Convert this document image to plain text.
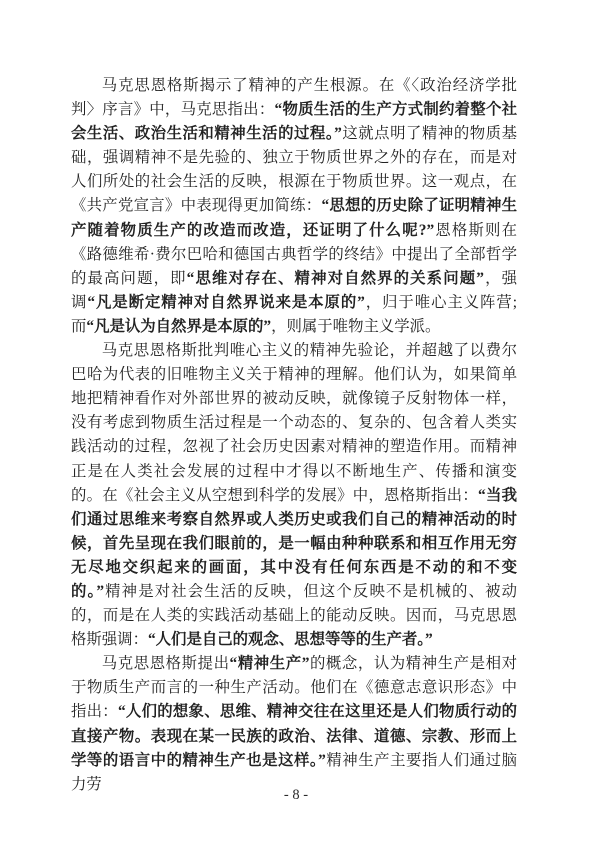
马克思恩格斯揭示了精神的产生根源。在《〈政治经济学批判〉序言》中，马克思指出：“物质生活的生产方式制约着整个社会生活、政治生活和精神生活的过程。”这就点明了精神的物质基础，强调精神不是先验的、独立于物质世界之外的存在，而是对人们所处的社会生活的反映，根源在于物质世界。这一观点，在《共产党宣言》中表现得更加简练：“思想的历史除了证明精神生产随着物质生产的改造而改造，还证明了什么呢?”恩格斯则在《路德维希·费尔巴哈和德国古典哲学的终结》中提出了全部哲学的最高问题，即“思维对存在、精神对自然界的关系问题”，强调“凡是断定精神对自然界说来是本原的”，归于唯心主义阵营;而“凡是认为自然界是本原的”，则属于唯物主义学派。

马克思恩格斯批判唯心主义的精神先验论，并超越了以费尔巴哈为代表的旧唯物主义关于精神的理解。他们认为，如果简单地把精神看作对外部世界的被动反映，就像镜子反射物体一样，没有考虑到物质生活过程是一个动态的、复杂的、包含着人类实践活动的过程，忽视了社会历史因素对精神的塑造作用。而精神正是在人类社会发展的过程中才得以不断地生产、传播和演变的。在《社会主义从空想到科学的发展》中，恩格斯指出：“当我们通过思维来考察自然界或人类历史或我们自己的精神活动的时候，首先呈现在我们眼前的，是一幅由种种联系和相互作用无穷无尽地交织起来的画面，其中没有任何东西是不动的和不变的。”精神是对社会生活的反映，但这个反映不是机械的、被动的，而是在人类的实践活动基础上的能动反映。因而，马克思恩格斯强调：“人们是自己的观念、思想等等的生产者。”

马克思恩格斯提出“精神生产”的概念，认为精神生产是相对于物质生产而言的一种生产活动。他们在《德意志意识形态》中指出：“人们的想象、思维、精神交往在这里还是人们物质行动的直接产物。表现在某一民族的政治、法律、道德、宗教、形而上学等的语言中的精神生产也是这样。”精神生产主要指人们通过脑力劳

- 8 -
